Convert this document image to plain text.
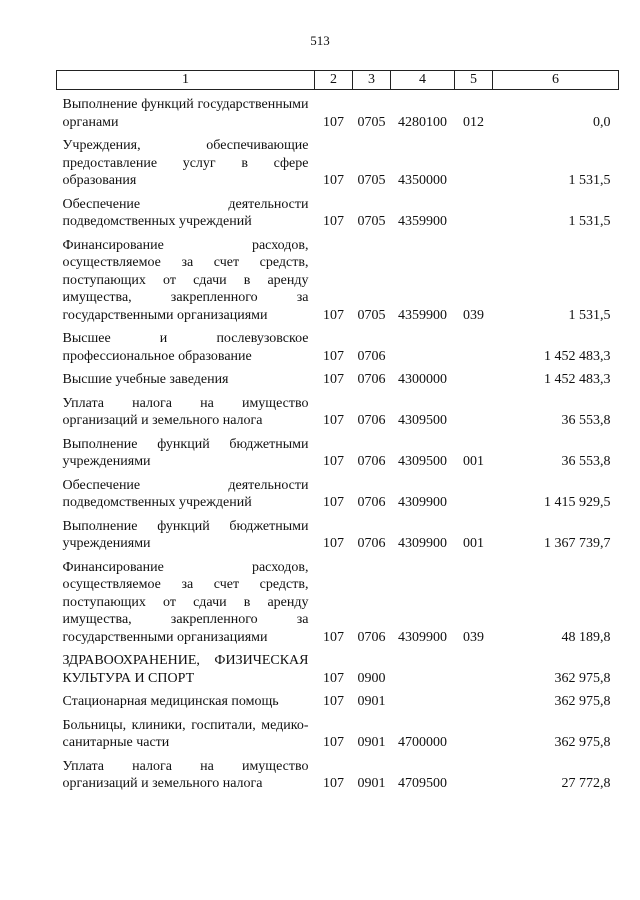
513
1	2	3	4	5	6

Выполнение функций государственными органами	107	0705	4280100	012	0,0

Учреждения, обеспечивающие предоставление услуг в сфере образования	107	0705	4350000		1 531,5

Обеспечение деятельности подведомственных учреждений	107	0705	4359900		1 531,5

Финансирование расходов, осуществляемое за счет средств, поступающих от сдачи в аренду имущества, закрепленного за государственными организациями	107	0705	4359900	039	1 531,5

Высшее и послевузовское профессиональное образование	107	0706			1 452 483,3

Высшие учебные заведения	107	0706	4300000		1 452 483,3

Уплата налога на имущество организаций и земельного налога	107	0706	4309500		36 553,8

Выполнение функций бюджетными учреждениями	107	0706	4309500	001	36 553,8

Обеспечение деятельности подведомственных учреждений	107	0706	4309900		1 415 929,5

Выполнение функций бюджетными учреждениями	107	0706	4309900	001	1 367 739,7

Финансирование расходов, осуществляемое за счет средств, поступающих от сдачи в аренду имущества, закрепленного за государственными организациями	107	0706	4309900	039	48 189,8

ЗДРАВООХРАНЕНИЕ, ФИЗИЧЕСКАЯ КУЛЬТУРА И СПОРТ	107	0900			362 975,8

Стационарная медицинская помощь	107	0901			362 975,8

Больницы, клиники, госпитали, медико-санитарные части	107	0901	4700000		362 975,8

Уплата налога на имущество организаций и земельного налога	107	0901	4709500		27 772,8
